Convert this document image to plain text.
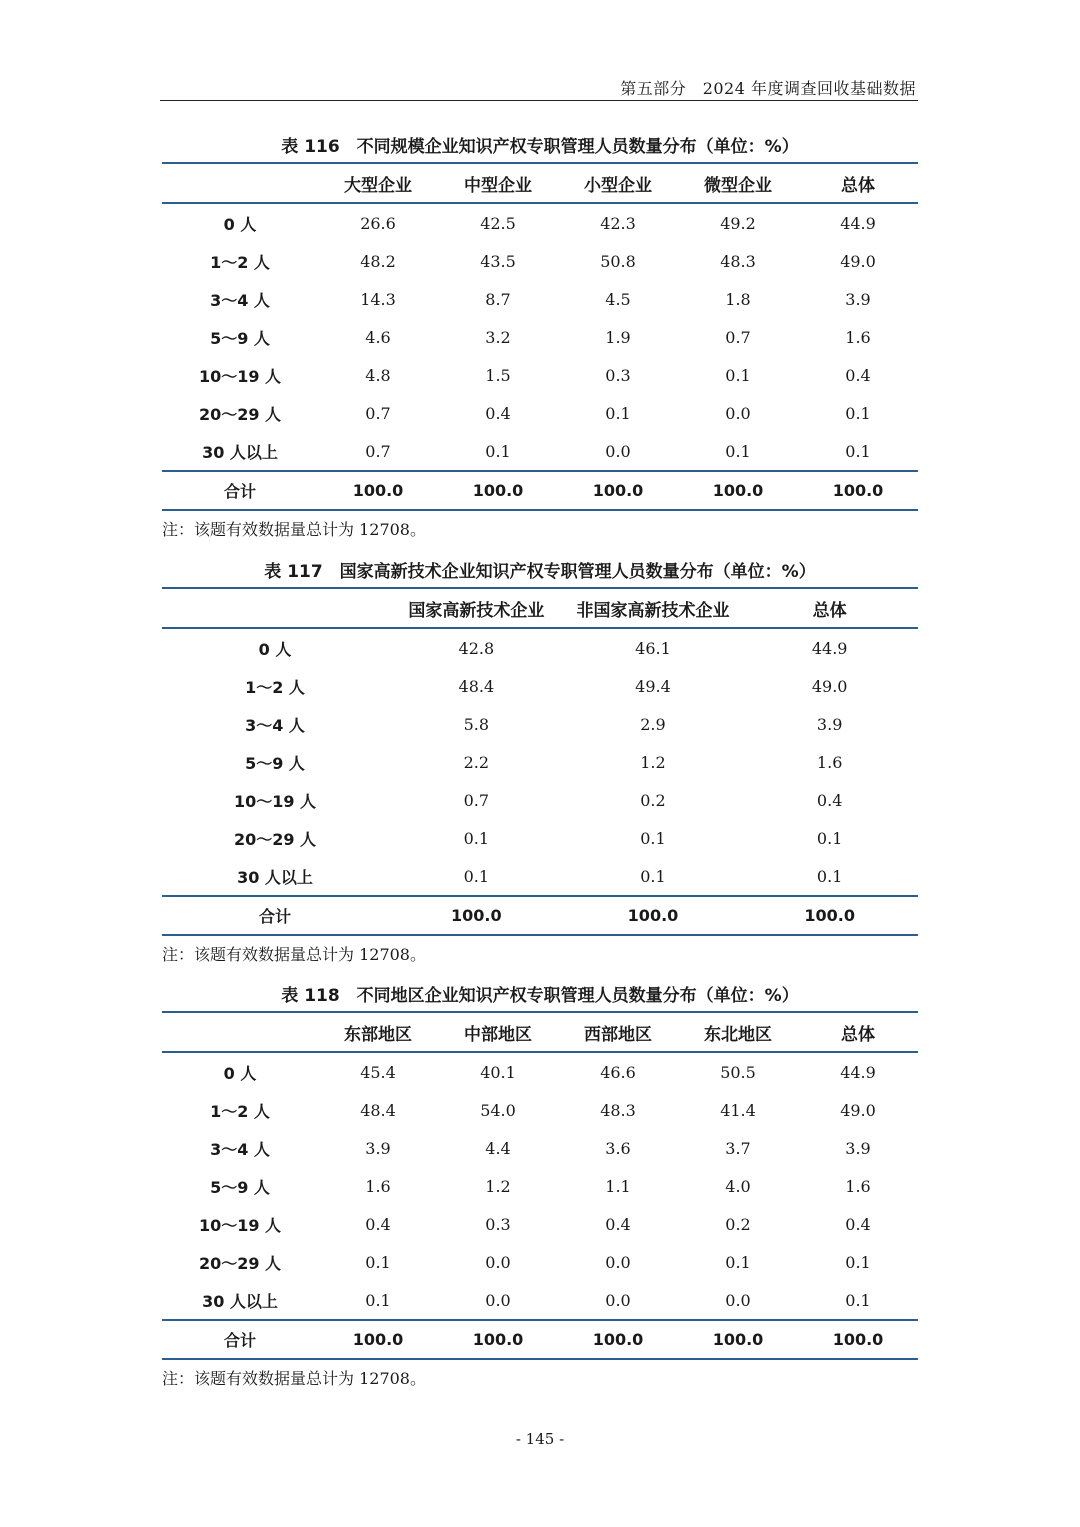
第五部分　2024 年度调查回收基础数据
表 116　不同规模企业知识产权专职管理人员数量分布（单位：%）
	大型企业	中型企业	小型企业	微型企业	总体
0 人	26.6	42.5	42.3	49.2	44.9
1～2 人	48.2	43.5	50.8	48.3	49.0
3～4 人	14.3	8.7	4.5	1.8	3.9
5～9 人	4.6	3.2	1.9	0.7	1.6
10～19 人	4.8	1.5	0.3	0.1	0.4
20～29 人	0.7	0.4	0.1	0.0	0.1
30 人以上	0.7	0.1	0.0	0.1	0.1
合计	100.0	100.0	100.0	100.0	100.0
注：该题有效数据量总计为 12708。
表 117　国家高新技术企业知识产权专职管理人员数量分布（单位：%）
	国家高新技术企业	非国家高新技术企业	总体
0 人	42.8	46.1	44.9
1～2 人	48.4	49.4	49.0
3～4 人	5.8	2.9	3.9
5～9 人	2.2	1.2	1.6
10～19 人	0.7	0.2	0.4
20～29 人	0.1	0.1	0.1
30 人以上	0.1	0.1	0.1
合计	100.0	100.0	100.0
注：该题有效数据量总计为 12708。
表 118　不同地区企业知识产权专职管理人员数量分布（单位：%）
	东部地区	中部地区	西部地区	东北地区	总体
0 人	45.4	40.1	46.6	50.5	44.9
1～2 人	48.4	54.0	48.3	41.4	49.0
3～4 人	3.9	4.4	3.6	3.7	3.9
5～9 人	1.6	1.2	1.1	4.0	1.6
10～19 人	0.4	0.3	0.4	0.2	0.4
20～29 人	0.1	0.0	0.0	0.1	0.1
30 人以上	0.1	0.0	0.0	0.0	0.1
合计	100.0	100.0	100.0	100.0	100.0
注：该题有效数据量总计为 12708。
- 145 -
